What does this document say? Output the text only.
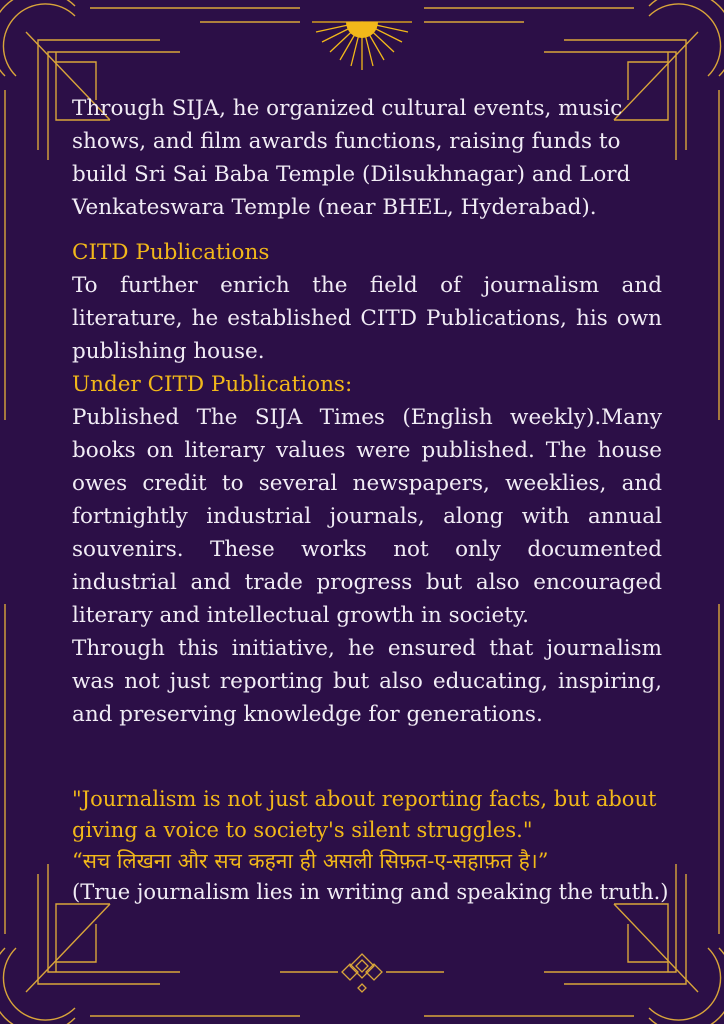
Through SIJA, he organized cultural events, music shows, and film awards functions, raising funds to build Sri Sai Baba Temple (Dilsukhnagar) and Lord Venkateswara Temple (near BHEL, Hyderabad).

CITD Publications

To further enrich the field of journalism and literature, he established CITD Publications, his own publishing house.

Under CITD Publications:

Published The SIJA Times (English weekly).Many books on literary values were published. The house owes credit to several newspapers, weeklies, and fortnightly industrial journals, along with annual souvenirs. These works not only documented industrial and trade progress but also encouraged literary and intellectual growth in society.

Through this initiative, he ensured that journalism was not just reporting but also educating, inspiring, and preserving knowledge for generations.

"Journalism is not just about reporting facts, but about giving a voice to society's silent struggles."

“सच लिखना और सच कहना ही असली सिफ़त-ए-सहाफ़त है।”

(True journalism lies in writing and speaking the truth.)
